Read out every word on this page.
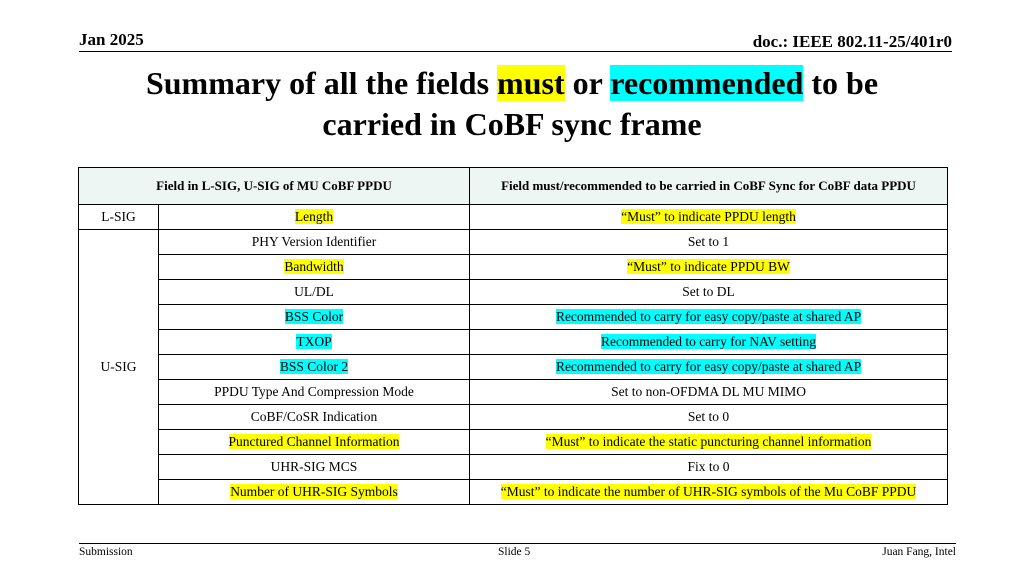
Jan 2025	doc.: IEEE 802.11-25/401r0
Summary of all the fields must or recommended to be
carried in CoBF sync frame
Field in L-SIG, U-SIG of MU CoBF PPDU		Field must/recommended to be carried in CoBF Sync for CoBF data PPDU
L-SIG	Length	“Must” to indicate PPDU length
U-SIG	PHY Version Identifier	Set to 1
	Bandwidth	“Must” to indicate PPDU BW
	UL/DL	Set to DL
	BSS Color	Recommended to carry for easy copy/paste at shared AP
	TXOP	Recommended to carry for NAV setting
	BSS Color 2	Recommended to carry for easy copy/paste at shared AP
	PPDU Type And Compression Mode	Set to non-OFDMA DL MU MIMO
	CoBF/CoSR Indication	Set to 0
	Punctured Channel Information	“Must” to indicate the static puncturing channel information
	UHR-SIG MCS	Fix to 0
	Number of UHR-SIG Symbols	“Must” to indicate the number of UHR-SIG symbols of the Mu CoBF PPDU
Submission	Slide 5	Juan Fang, Intel
